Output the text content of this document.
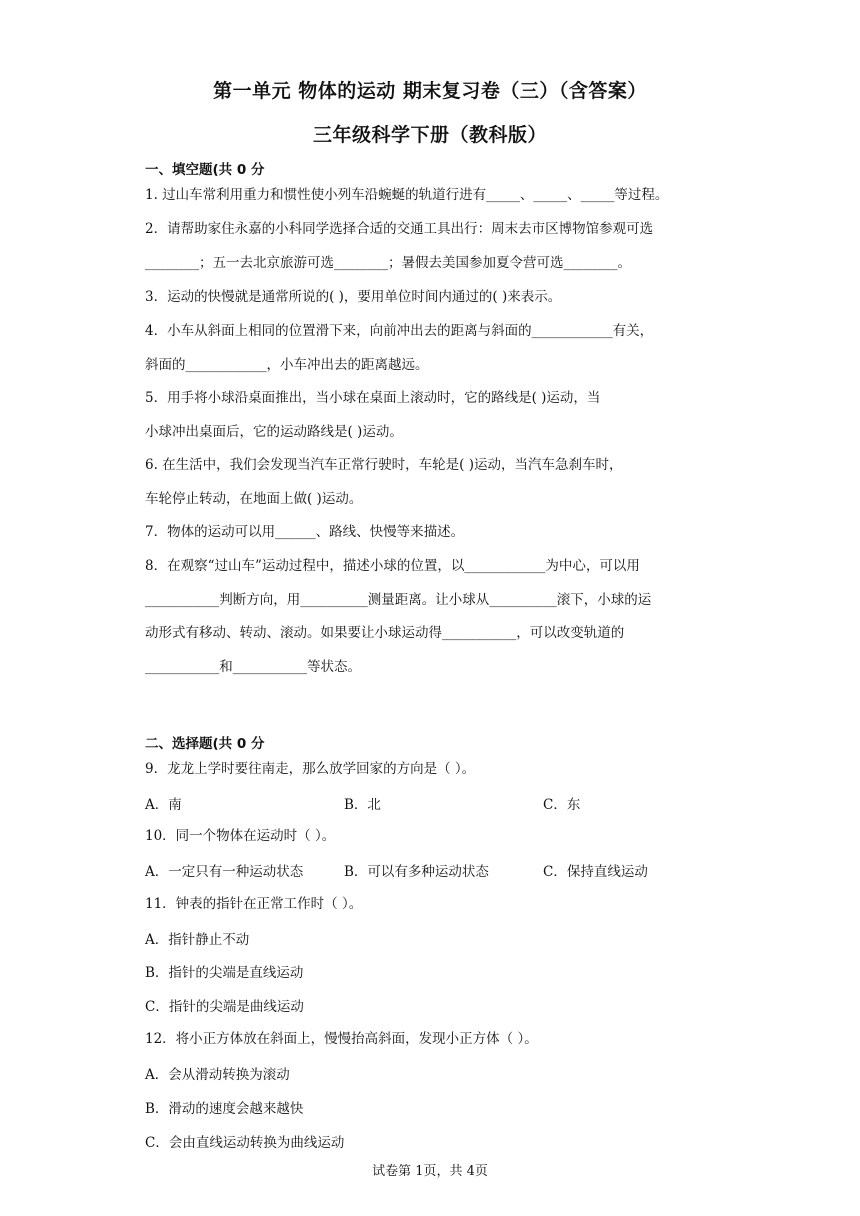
第一单元 物体的运动 期末复习卷（三）（含答案）
三年级科学下册（教科版）
一、填空题(共 0 分
1. 过山车常利用重力和惯性使小列车沿蜿蜒的轨道行进有_____、_____、_____等过程。
2．请帮助家住永嘉的小科同学选择合适的交通工具出行：周末去市区博物馆参观可选
________；五一去北京旅游可选________；暑假去美国参加夏令营可选________。
3．运动的快慢就是通常所说的( )，要用单位时间内通过的( )来表示。
4．小车从斜面上相同的位置滑下来，向前冲出去的距离与斜面的____________有关，
斜面的____________，小车冲出去的距离越远。
5．用手将小球沿桌面推出，当小球在桌面上滚动时，它的路线是( )运动，当
小球冲出桌面后，它的运动路线是( )运动。
6. 在生活中，我们会发现当汽车正常行驶时，车轮是( )运动，当汽车急刹车时，
车轮停止转动，在地面上做( )运动。
7．物体的运动可以用______、路线、快慢等来描述。
8．在观察“过山车”运动过程中，描述小球的位置，以____________为中心，可以用
___________判断方向，用__________测量距离。让小球从__________滚下，小球的运
动形式有移动、转动、滚动。如果要让小球运动得___________，可以改变轨道的
___________和___________等状态。
二、选择题(共 0 分
9．龙龙上学时要往南走，那么放学回家的方向是（ ）。
A．南	B．北	C．东
10．同一个物体在运动时（ ）。
A．一定只有一种运动状态	B．可以有多种运动状态	C．保持直线运动
11．钟表的指针在正常工作时（ ）。
A．指针静止不动
B．指针的尖端是直线运动
C．指针的尖端是曲线运动
12．将小正方体放在斜面上，慢慢抬高斜面，发现小正方体（ ）。
A．会从滑动转换为滚动
B．滑动的速度会越来越快
C．会由直线运动转换为曲线运动
试卷第 1页，共 4页
